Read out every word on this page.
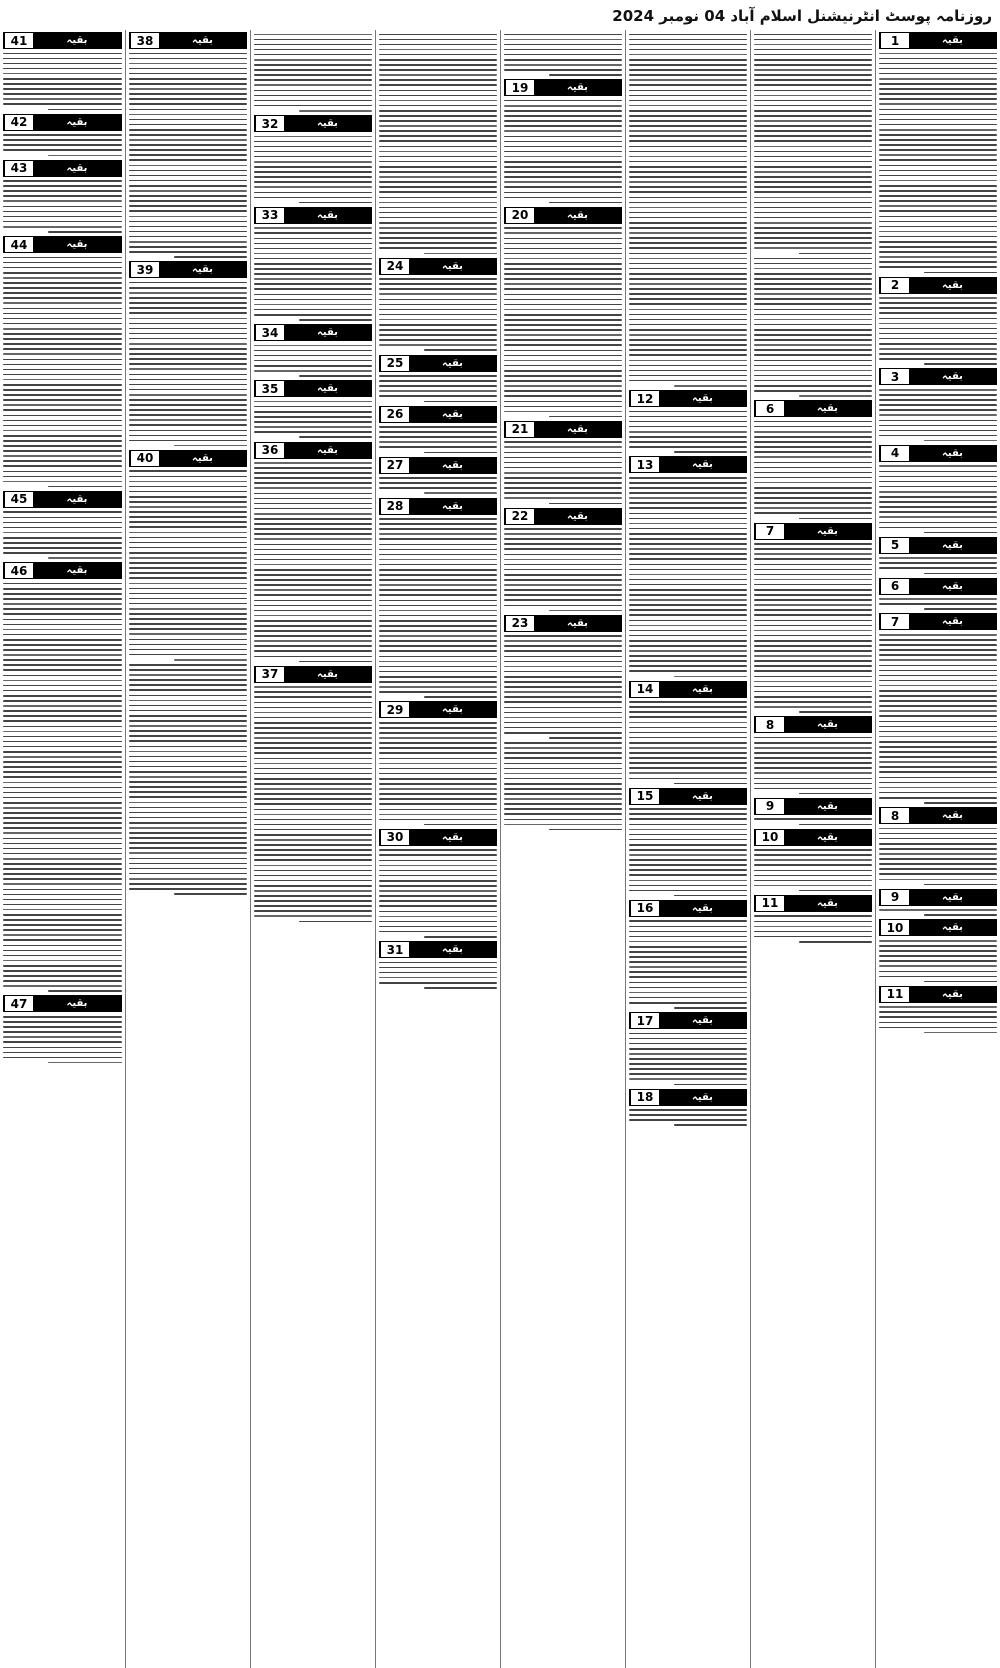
روزنامہ پوسٹ انٹرنیشنل اسلام آباد 04 نومبر 2024
بقیہ
1
بقیہ
2
بقیہ
3
بقیہ
4
بقیہ
5
بقیہ
6
بقیہ
7
بقیہ
8
بقیہ
9
بقیہ
10
بقیہ
11
بقیہ
6
بقیہ
7
بقیہ
8
بقیہ
9
بقیہ
10
بقیہ
11
بقیہ
12
بقیہ
13
بقیہ
14
بقیہ
15
بقیہ
16
بقیہ
17
بقیہ
18
بقیہ
19
بقیہ
20
بقیہ
21
بقیہ
22
بقیہ
23
بقیہ
24
بقیہ
25
بقیہ
26
بقیہ
27
بقیہ
28
بقیہ
29
بقیہ
30
بقیہ
31
بقیہ
32
بقیہ
33
بقیہ
34
بقیہ
35
بقیہ
36
بقیہ
37
بقیہ
38
بقیہ
39
بقیہ
40
بقیہ
41
بقیہ
42
بقیہ
43
بقیہ
44
بقیہ
45
بقیہ
46
بقیہ
47
